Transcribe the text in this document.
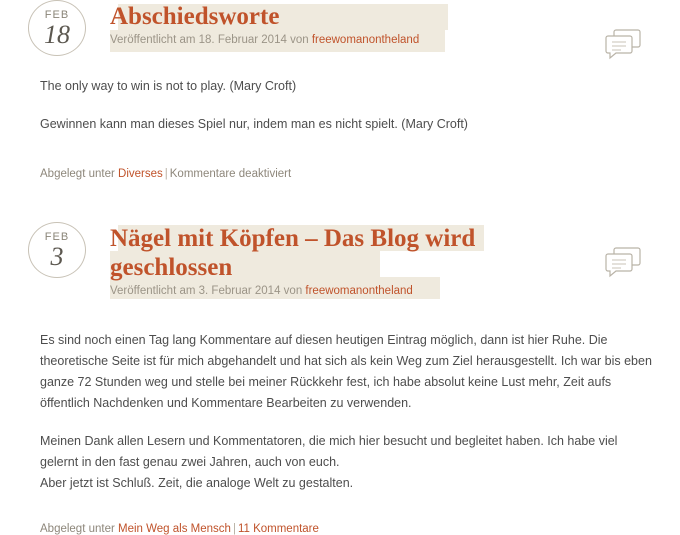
FEB
18
Abschiedsworte
Veröffentlicht am 18. Februar 2014 von freewomanontheland

The only way to win is not to play. (Mary Croft)

Gewinnen kann man dieses Spiel nur, indem man es nicht spielt. (Mary Croft)

Abgelegt unter Diverses | Kommentare deaktiviert
FEB
3
Nägel mit Köpfen – Das Blog wird geschlossen
Veröffentlicht am 3. Februar 2014 von freewomanontheland

Es sind noch einen Tag lang Kommentare auf diesen heutigen Eintrag möglich, dann ist hier Ruhe. Die theoretische Seite ist für mich abgehandelt und hat sich als kein Weg zum Ziel herausgestellt. Ich war bis eben ganze 72 Stunden weg und stelle bei meiner Rückkehr fest, ich habe absolut keine Lust mehr, Zeit aufs öffentlich Nachdenken und Kommentare Bearbeiten zu verwenden.

Meinen Dank allen Lesern und Kommentatoren, die mich hier besucht und begleitet haben. Ich habe viel gelernt in den fast genau zwei Jahren, auch von euch.

Aber jetzt ist Schluß. Zeit, die analoge Welt zu gestalten.

Abgelegt unter Mein Weg als Mensch | 11 Kommentare
